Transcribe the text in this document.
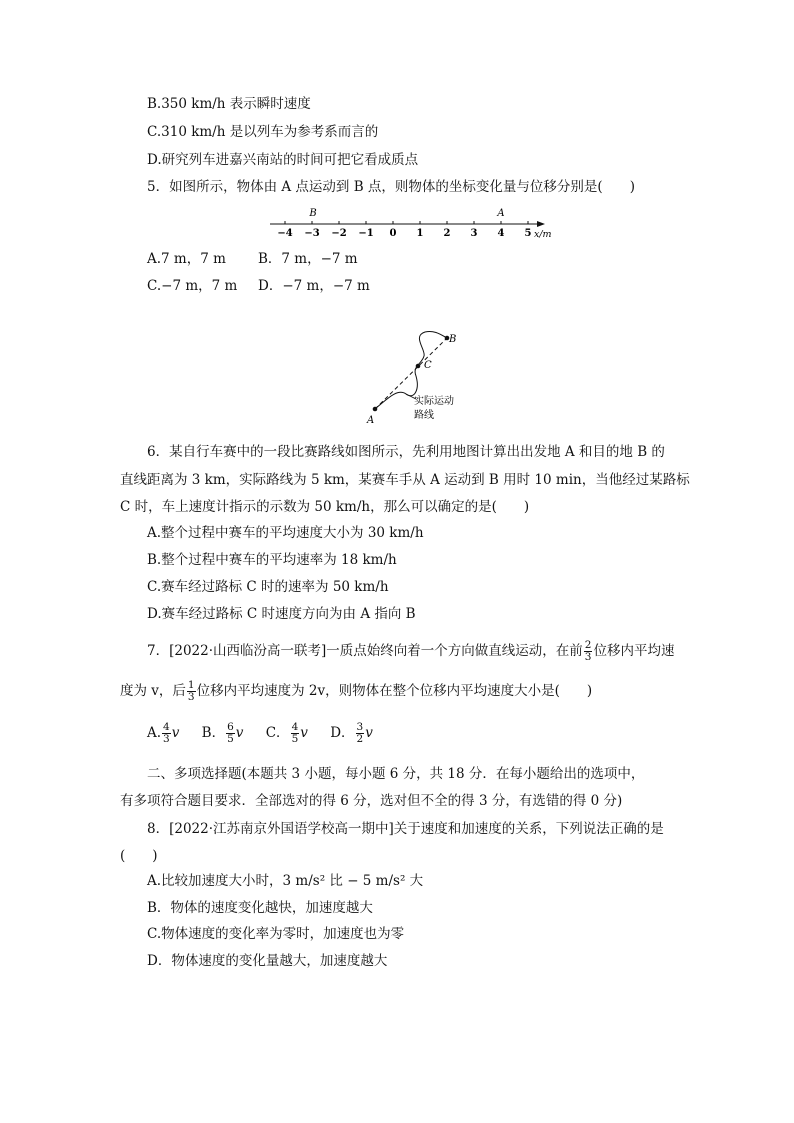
B.350 km/h 表示瞬时速度
C.310 km/h 是以列车为参考系而言的
D.研究列车进嘉兴南站的时间可把它看成质点
5．如图所示，物体由 A 点运动到 B 点，则物体的坐标变化量与位移分别是(　　)
−4 −3 −2 −1 0 1 2 3 4 5
B	A
x/m
A.7 m，7 m B．7 m，−7 m
C.−7 m，7 m D．−7 m，−7 m
A
B
C
实际运动
路线
6．某自行车赛中的一段比赛路线如图所示，先利用地图计算出出发地 A 和目的地 B 的
直线距离为 3 km，实际路线为 5 km，某赛车手从 A 运动到 B 用时 10 min，当他经过某路标
C 时，车上速度计指示的示数为 50 km/h，那么可以确定的是(　　)
A.整个过程中赛车的平均速度大小为 30 km/h
B.整个过程中赛车的平均速率为 18 km/h
C.赛车经过路标 C 时的速率为 50 km/h
D.赛车经过路标 C 时速度方向为由 A 指向 B
7．[2022·山西临汾高一联考]一质点始终向着一个方向做直线运动，在前 $\frac{2}{3}$ 位移内平均速
度为 v，后 $\frac{1}{3}$ 位移内平均速度为 2v，则物体在整个位移内平均速度大小是(　　)
A. $\frac{4}{3}$ v B． $\frac{6}{5}$ v C． $\frac{4}{5}$ v D． $\frac{3}{2}$ v
二、多项选择题(本题共 3 小题，每小题 6 分，共 18 分．在每小题给出的选项中，
有多项符合题目要求．全部选对的得 6 分，选对但不全的得 3 分，有选错的得 0 分)
8．[2022·江苏南京外国语学校高一期中]关于速度和加速度的关系，下列说法正确的是
(　　)
A.比较加速度大小时，3 m/s² 比 − 5 m/s² 大
B．物体的速度变化越快，加速度越大
C.物体速度的变化率为零时，加速度也为零
D．物体速度的变化量越大，加速度越大
